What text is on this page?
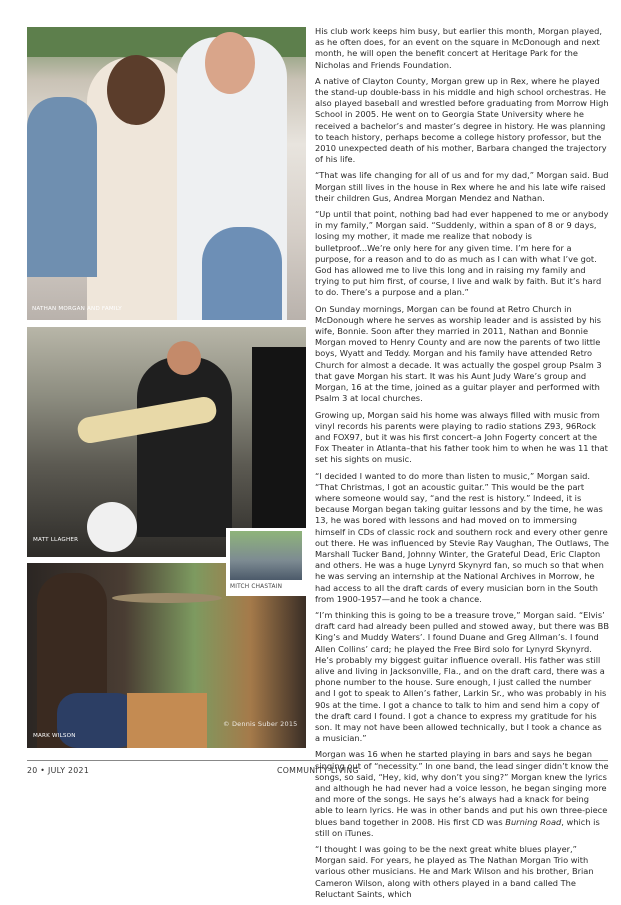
NATHAN MORGAN AND FAMILY
MATT LLAGHER
MARK WILSON
© Dennis Suber 2015
MITCH CHASTAIN

His club work keeps him busy, but earlier this month, Morgan played, as he often does, for an event on the square in McDonough and next month, he will open the benefit concert at Heritage Park for the Nicholas and Friends Foundation.

A native of Clayton County, Morgan grew up in Rex, where he played the stand-up double-bass in his middle and high school orchestras. He also played baseball and wrestled before graduating from Morrow High School in 2005. He went on to Georgia State University where he received a bachelor’s and master’s degree in history. He was planning to teach history, perhaps become a college history professor, but the 2010 unexpected death of his mother, Barbara changed the trajectory of his life.

“That was life changing for all of us and for my dad,” Morgan said. Bud Morgan still lives in the house in Rex where he and his late wife raised their children Gus, Andrea Morgan Mendez and Nathan.

“Up until that point, nothing bad had ever happened to me or anybody in my family,” Morgan said. “Suddenly, within a span of 8 or 9 days, losing my mother, it made me realize that nobody is bulletproof...We’re only here for any given time. I’m here for a purpose, for a reason and to do as much as I can with what I’ve got. God has allowed me to live this long and in raising my family and trying to put him first, of course, I live and walk by faith. But it’s hard to do. There’s a purpose and a plan.”

On Sunday mornings, Morgan can be found at Retro Church in McDonough where he serves as worship leader and is assisted by his wife, Bonnie. Soon after they married in 2011, Nathan and Bonnie Morgan moved to Henry County and are now the parents of two little boys, Wyatt and Teddy. Morgan and his family have attended Retro Church for almost a decade. It was actually the gospel group Psalm 3 that gave Morgan his start. It was his Aunt Judy Ware’s group and Morgan, 16 at the time, joined as a guitar player and performed with Psalm 3 at local churches.

Growing up, Morgan said his home was always filled with music from vinyl records his parents were playing to radio stations Z93, 96Rock and FOX97, but it was his first concert–a John Fogerty concert at the Fox Theater in Atlanta–that his father took him to when he was 11 that set his sights on music.

“I decided I wanted to do more than listen to music,” Morgan said. “That Christmas, I got an acoustic guitar.” This would be the part where someone would say, “and the rest is history.” Indeed, it is because Morgan began taking guitar lessons and by the time, he was 13, he was bored with lessons and had moved on to immersing himself in CDs of classic rock and southern rock and every other genre out there. He was influenced by Stevie Ray Vaughan, The Outlaws, The Marshall Tucker Band, Johnny Winter, the Grateful Dead, Eric Clapton and others. He was a huge Lynyrd Skynyrd fan, so much so that when he was serving an internship at the National Archives in Morrow, he had access to all the draft cards of every musician born in the South from 1900-1957—and he took a chance.

“I’m thinking this is going to be a treasure trove,” Morgan said. “Elvis’ draft card had already been pulled and stowed away, but there was BB King’s and Muddy Waters’. I found Duane and Greg Allman’s. I found Allen Collins’ card; he played the Free Bird solo for Lynyrd Skynyrd. He’s probably my biggest guitar influence overall. His father was still alive and living in Jacksonville, Fla., and on the draft card, there was a phone number to the house. Sure enough, I just called the number and I got to speak to Allen’s father, Larkin Sr., who was probably in his 90s at the time. I got a chance to talk to him and send him a copy of the draft card I found. I got a chance to express my gratitude for his son. It may not have been allowed technically, but I took a chance as a musician.”

Morgan was 16 when he started playing in bars and says he began singing out of “necessity.” In one band, the lead singer didn’t know the songs, so said, “Hey, kid, why don’t you sing?” Morgan knew the lyrics and although he had never had a voice lesson, he began singing more and more of the songs. He says he’s always had a knack for being able to learn lyrics. He was in other bands and put his own three-piece blues band together in 2008. His first CD was Burning Road, which is still on iTunes.

“I thought I was going to be the next great white blues player,” Morgan said. For years, he played as The Nathan Morgan Trio with various other musicians. He and Mark Wilson and his brother, Brian Cameron Wilson, along with others played in a band called The Reluctant Saints, which

20 • JULY 2021	COMMUNITY LIVING
